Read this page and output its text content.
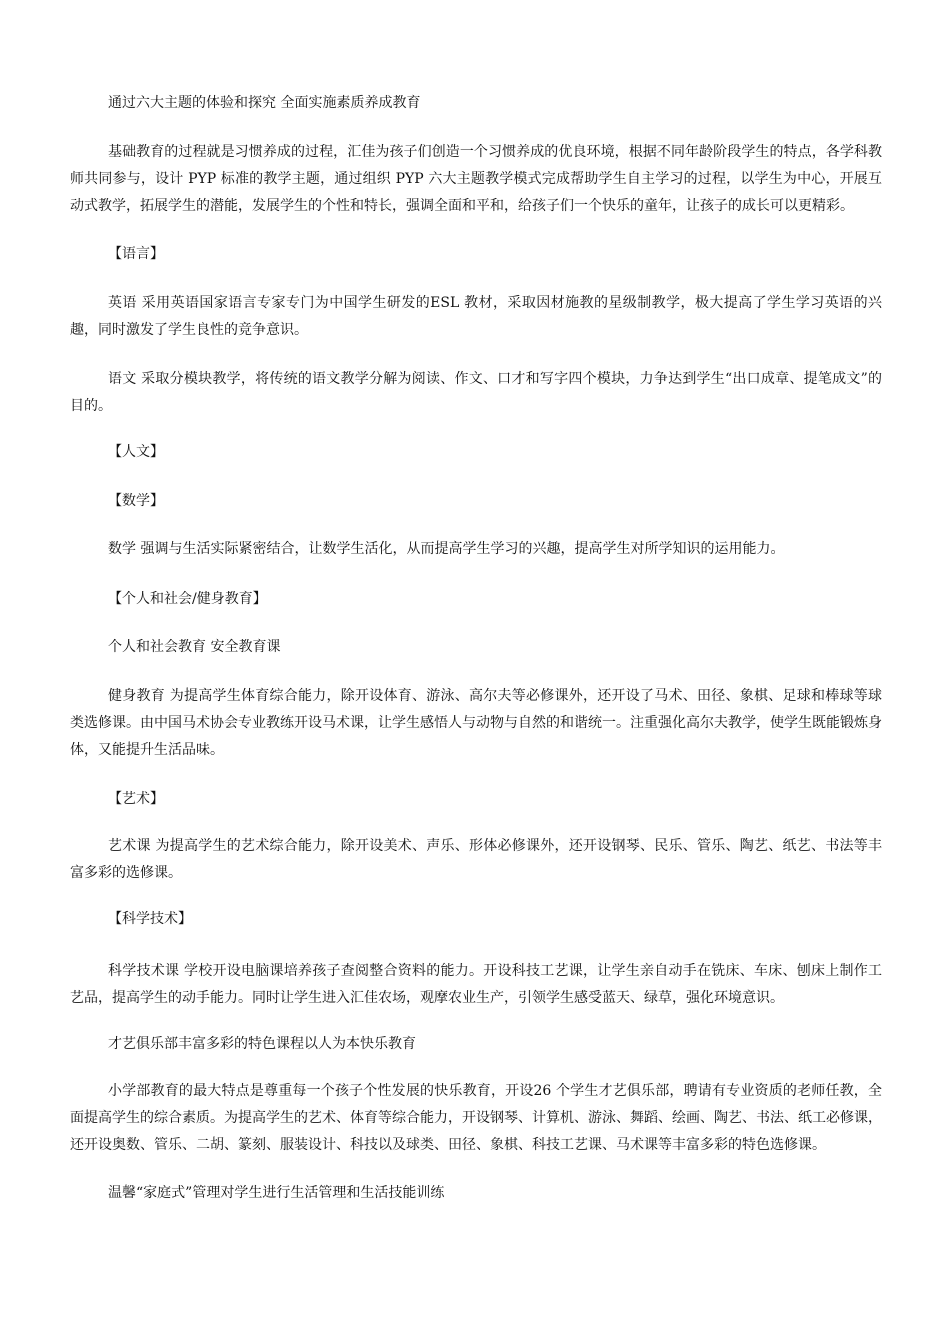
通过六大主题的体验和探究 全面实施素质养成教育
基础教育的过程就是习惯养成的过程，汇佳为孩子们创造一个习惯养成的优良环境，根据不同年龄阶段学生的特点，各学科教师共同参与，设计 PYP 标准的教学主题，通过组织 PYP 六大主题教学模式完成帮助学生自主学习的过程，以学生为中心，开展互动式教学，拓展学生的潜能，发展学生的个性和特长，强调全面和平和，给孩子们一个快乐的童年，让孩子的成长可以更精彩。
【语言】
英语 采用英语国家语言专家专门为中国学生研发的ESL 教材，采取因材施教的星级制教学，极大提高了学生学习英语的兴趣，同时激发了学生良性的竞争意识。
语文 采取分模块教学，将传统的语文教学分解为阅读、作文、口才和写字四个模块，力争达到学生“出口成章、提笔成文”的目的。
【人文】
【数学】
数学 强调与生活实际紧密结合，让数学生活化，从而提高学生学习的兴趣，提高学生对所学知识的运用能力。
【个人和社会/健身教育】
个人和社会教育 安全教育课
健身教育 为提高学生体育综合能力，除开设体育、游泳、高尔夫等必修课外，还开设了马术、田径、象棋、足球和棒球等球类选修课。由中国马术协会专业教练开设马术课，让学生感悟人与动物与自然的和谐统一。注重强化高尔夫教学，使学生既能锻炼身体，又能提升生活品味。
【艺术】
艺术课 为提高学生的艺术综合能力，除开设美术、声乐、形体必修课外，还开设钢琴、民乐、管乐、陶艺、纸艺、书法等丰富多彩的选修课。
【科学技术】
科学技术课 学校开设电脑课培养孩子查阅整合资料的能力。开设科技工艺课，让学生亲自动手在铣床、车床、刨床上制作工艺品，提高学生的动手能力。同时让学生进入汇佳农场，观摩农业生产，引领学生感受蓝天、绿草，强化环境意识。
才艺俱乐部丰富多彩的特色课程以人为本快乐教育
小学部教育的最大特点是尊重每一个孩子个性发展的快乐教育，开设26 个学生才艺俱乐部，聘请有专业资质的老师任教，全面提高学生的综合素质。为提高学生的艺术、体育等综合能力，开设钢琴、计算机、游泳、舞蹈、绘画、陶艺、书法、纸工必修课，还开设奥数、管乐、二胡、篆刻、服装设计、科技以及球类、田径、象棋、科技工艺课、马术课等丰富多彩的特色选修课。
温馨“家庭式”管理对学生进行生活管理和生活技能训练
